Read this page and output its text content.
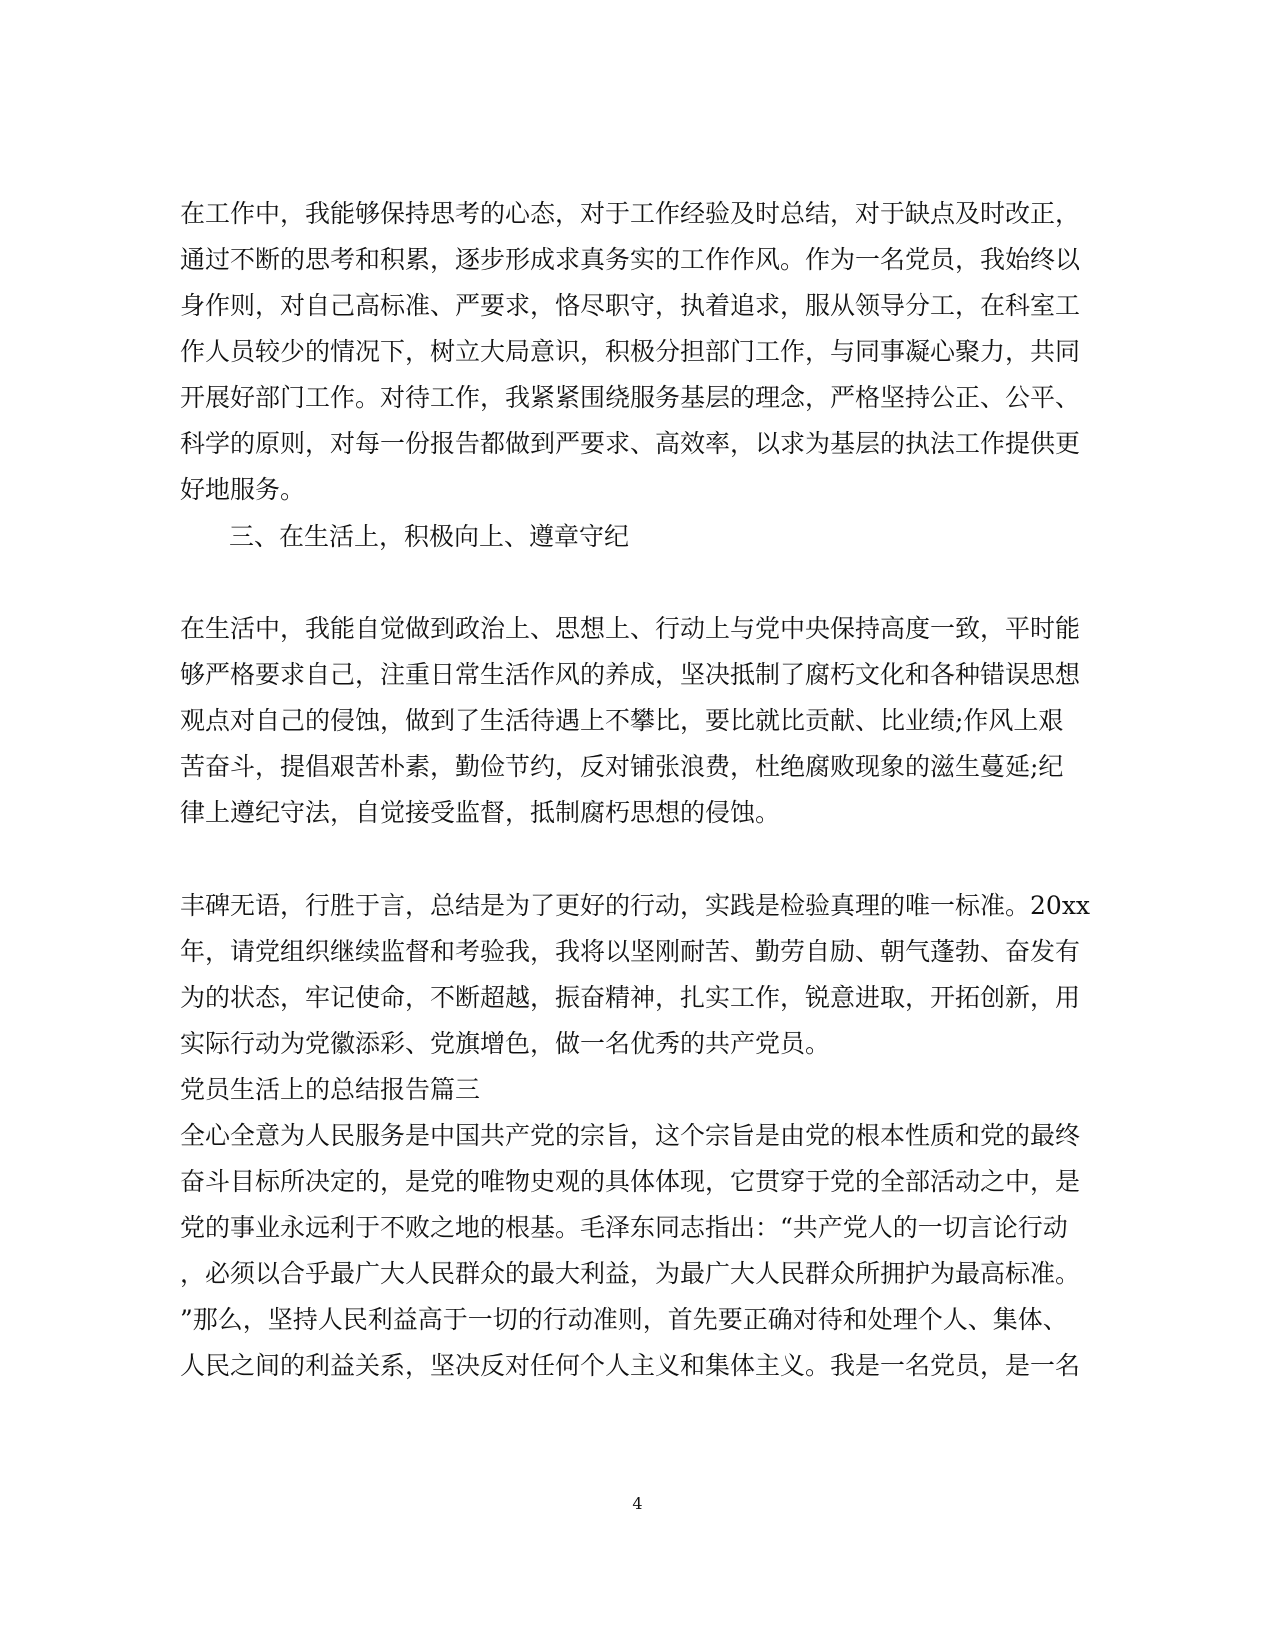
在工作中，我能够保持思考的心态，对于工作经验及时总结，对于缺点及时改正，

通过不断的思考和积累，逐步形成求真务实的工作作风。作为一名党员，我始终以

身作则，对自己高标准、严要求，恪尽职守，执着追求，服从领导分工，在科室工

作人员较少的情况下，树立大局意识，积极分担部门工作，与同事凝心聚力，共同

开展好部门工作。对待工作，我紧紧围绕服务基层的理念，严格坚持公正、公平、

科学的原则，对每一份报告都做到严要求、高效率，以求为基层的执法工作提供更

好地服务。

三、在生活上，积极向上、遵章守纪

在生活中，我能自觉做到政治上、思想上、行动上与党中央保持高度一致，平时能

够严格要求自己，注重日常生活作风的养成，坚决抵制了腐朽文化和各种错误思想

观点对自己的侵蚀，做到了生活待遇上不攀比，要比就比贡献、比业绩;作风上艰

苦奋斗，提倡艰苦朴素，勤俭节约，反对铺张浪费，杜绝腐败现象的滋生蔓延;纪

律上遵纪守法，自觉接受监督，抵制腐朽思想的侵蚀。

丰碑无语，行胜于言，总结是为了更好的行动，实践是检验真理的唯一标准。20xx

年，请党组织继续监督和考验我，我将以坚刚耐苦、勤劳自励、朝气蓬勃、奋发有

为的状态，牢记使命，不断超越，振奋精神，扎实工作，锐意进取，开拓创新，用

实际行动为党徽添彩、党旗增色，做一名优秀的共产党员。

党员生活上的总结报告篇三

全心全意为人民服务是中国共产党的宗旨，这个宗旨是由党的根本性质和党的最终

奋斗目标所决定的，是党的唯物史观的具体体现，它贯穿于党的全部活动之中，是

党的事业永远利于不败之地的根基。毛泽东同志指出：“共产党人的一切言论行动

，必须以合乎最广大人民群众的最大利益，为最广大人民群众所拥护为最高标准。

”那么，坚持人民利益高于一切的行动准则，首先要正确对待和处理个人、集体、

人民之间的利益关系，坚决反对任何个人主义和集体主义。我是一名党员，是一名

4
